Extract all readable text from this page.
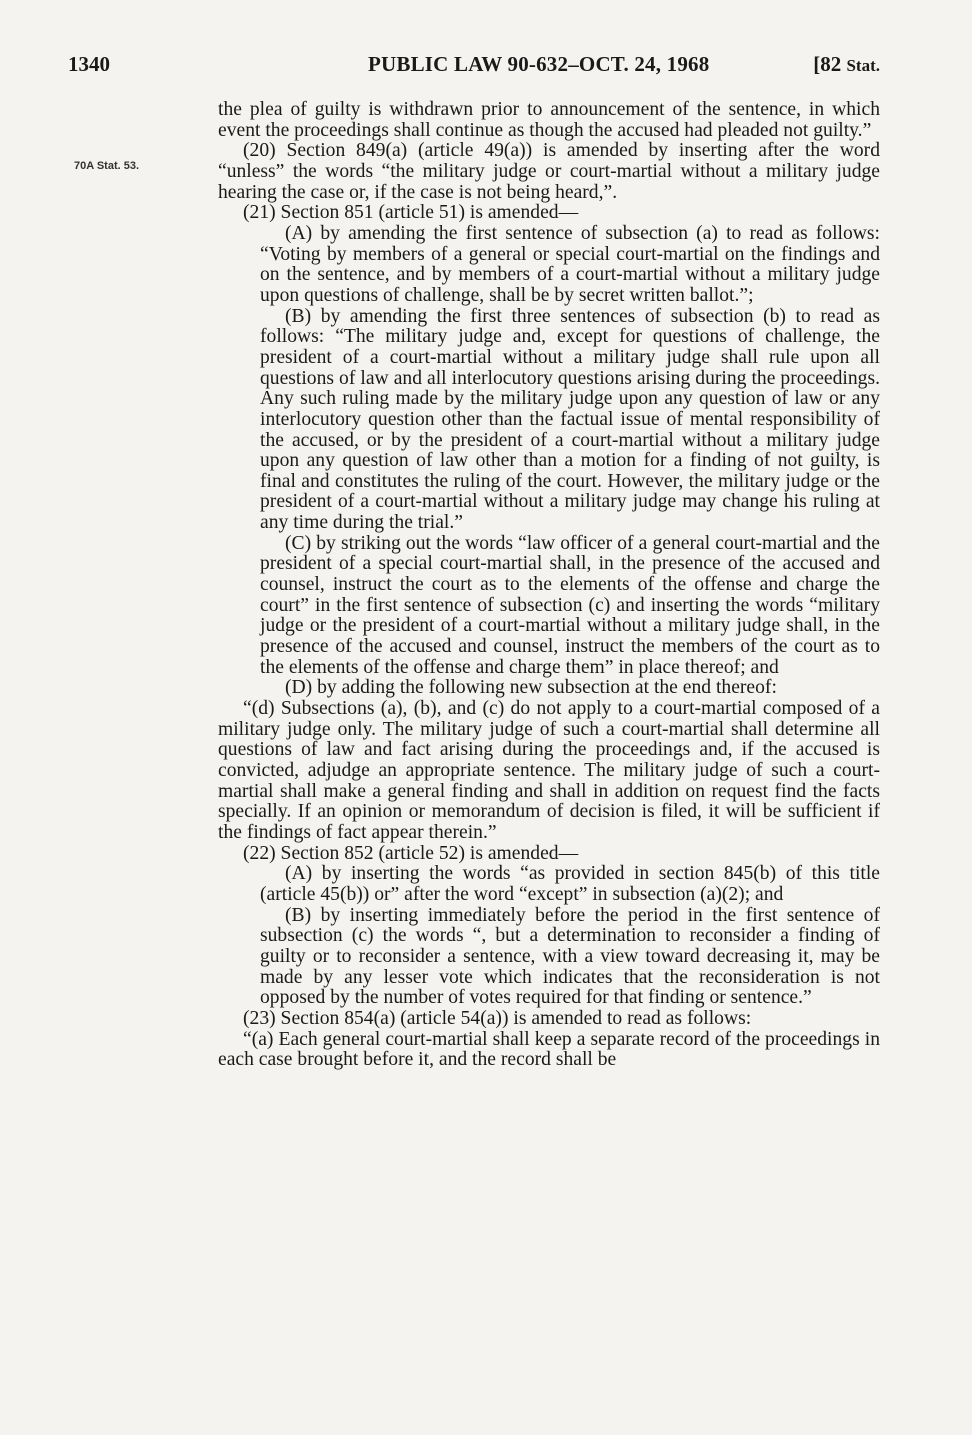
1340	PUBLIC LAW 90-632–OCT. 24, 1968	[82 Stat.
70A Stat. 53.

the plea of guilty is withdrawn prior to announcement of the sentence, in which event the proceedings shall continue as though the accused had pleaded not guilty.”

(20) Section 849(a) (article 49(a)) is amended by inserting after the word “unless” the words “the military judge or court-martial without a military judge hearing the case or, if the case is not being heard,”.

(21) Section 851 (article 51) is amended—

(A) by amending the first sentence of subsection (a) to read as follows: “Voting by members of a general or special court-martial on the findings and on the sentence, and by members of a court-martial without a military judge upon questions of challenge, shall be by secret written ballot.”;

(B) by amending the first three sentences of subsection (b) to read as follows: “The military judge and, except for questions of challenge, the president of a court-martial without a military judge shall rule upon all questions of law and all interlocutory questions arising during the proceedings. Any such ruling made by the military judge upon any question of law or any interlocutory question other than the factual issue of mental responsibility of the accused, or by the president of a court-martial without a military judge upon any question of law other than a motion for a finding of not guilty, is final and constitutes the ruling of the court. However, the military judge or the president of a court-martial without a military judge may change his ruling at any time during the trial.”

(C) by striking out the words “law officer of a general court-martial and the president of a special court-martial shall, in the presence of the accused and counsel, instruct the court as to the elements of the offense and charge the court” in the first sentence of subsection (c) and inserting the words “military judge or the president of a court-martial without a military judge shall, in the presence of the accused and counsel, instruct the members of the court as to the elements of the offense and charge them” in place thereof; and

(D) by adding the following new subsection at the end thereof:

“(d) Subsections (a), (b), and (c) do not apply to a court-martial composed of a military judge only. The military judge of such a court-martial shall determine all questions of law and fact arising during the proceedings and, if the accused is convicted, adjudge an appropriate sentence. The military judge of such a court-martial shall make a general finding and shall in addition on request find the facts specially. If an opinion or memorandum of decision is filed, it will be sufficient if the findings of fact appear therein.”

(22) Section 852 (article 52) is amended—

(A) by inserting the words “as provided in section 845(b) of this title (article 45(b)) or” after the word “except” in subsection (a)(2); and

(B) by inserting immediately before the period in the first sentence of subsection (c) the words “, but a determination to reconsider a finding of guilty or to reconsider a sentence, with a view toward decreasing it, may be made by any lesser vote which indicates that the reconsideration is not opposed by the number of votes required for that finding or sentence.”

(23) Section 854(a) (article 54(a)) is amended to read as follows:

“(a) Each general court-martial shall keep a separate record of the proceedings in each case brought before it, and the record shall be
